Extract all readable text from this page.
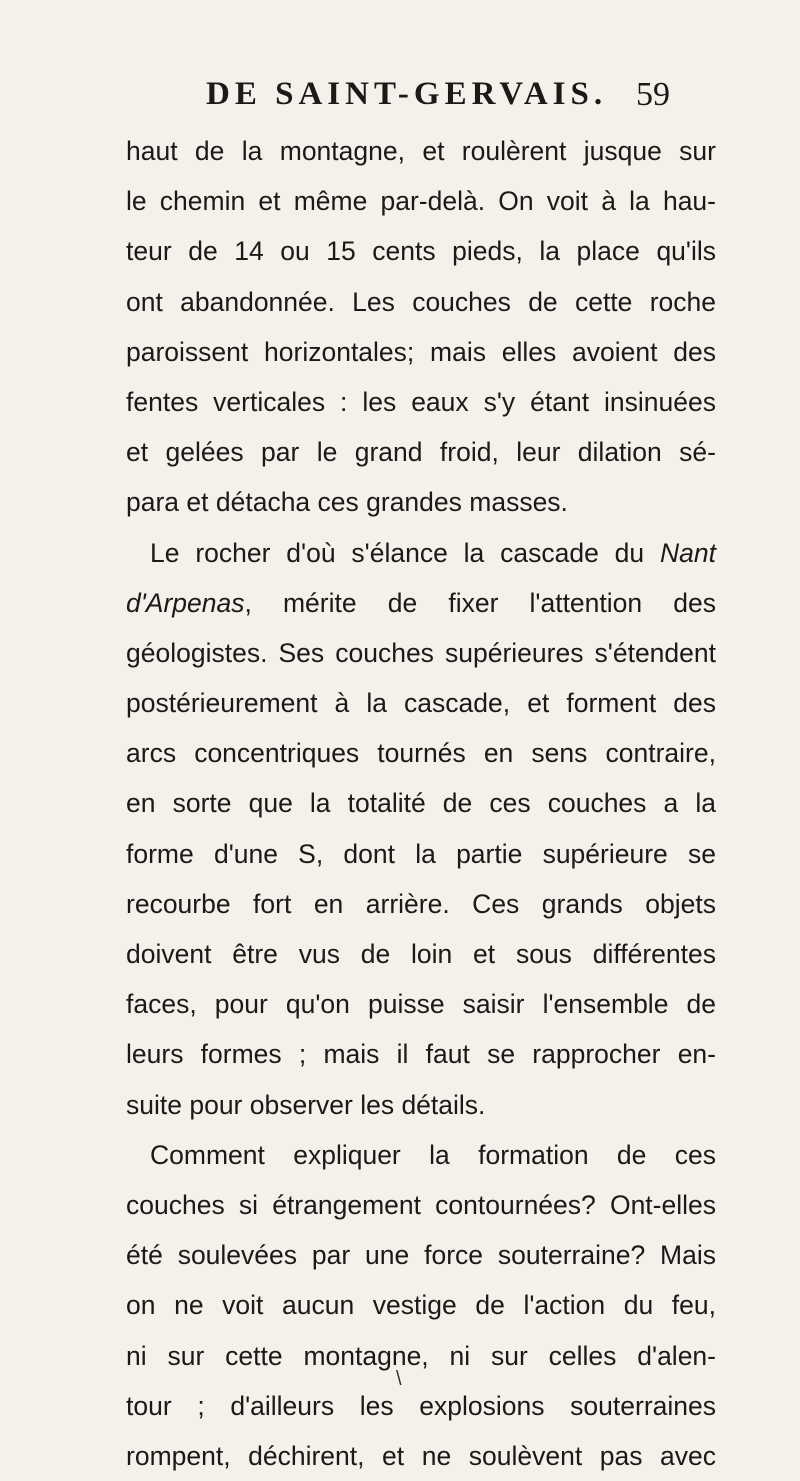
DE SAINT-GERVAIS. 59
haut de la montagne, et roulèrent jusque sur
le chemin et même par-delà. On voit à la hau-
teur de 14 ou 15 cents pieds, la place qu'ils
ont abandonnée. Les couches de cette roche
paroissent horizontales; mais elles avoient des
fentes verticales : les eaux s'y étant insinuées
et gelées par le grand froid, leur dilation sé-
para et détacha ces grandes masses.
Le rocher d'où s'élance la cascade du Nant
d'Arpenas, mérite de fixer l'attention des
géologistes. Ses couches supérieures s'étendent
postérieurement à la cascade, et forment des
arcs concentriques tournés en sens contraire,
en sorte que la totalité de ces couches a la
forme d'une S, dont la partie supérieure se
recourbe fort en arrière. Ces grands objets
doivent être vus de loin et sous différentes
faces, pour qu'on puisse saisir l'ensemble de
leurs formes ; mais il faut se rapprocher en-
suite pour observer les détails.
Comment expliquer la formation de ces
couches si étrangement contournées? Ont-elles
été soulevées par une force souterraine? Mais
on ne voit aucun vestige de l'action du feu,
ni sur cette montagne, ni sur celles d'alen-
tour ; d'ailleurs les explosions souterraines
rompent, déchirent, et ne soulèvent pas avec
\
